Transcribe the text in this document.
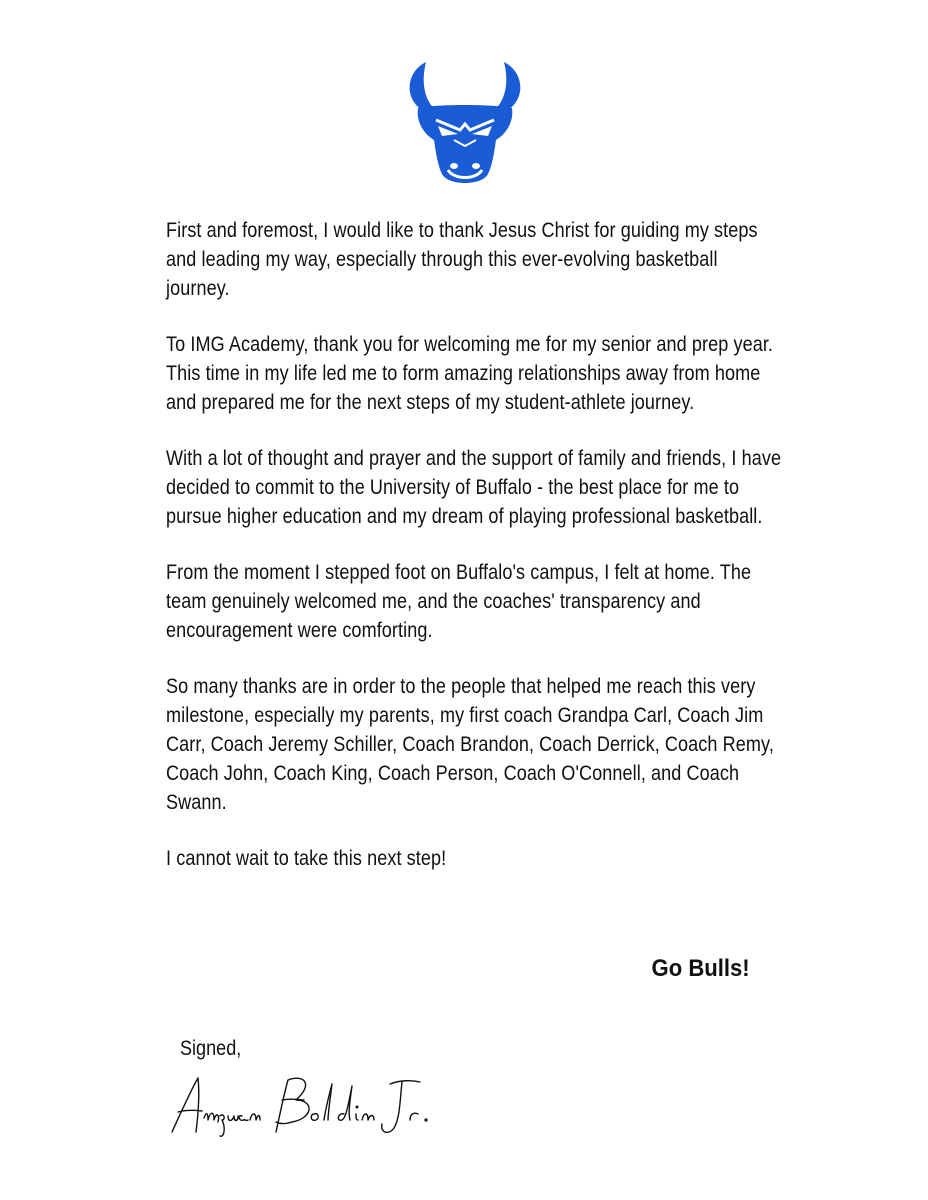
First and foremost, I would like to thank Jesus Christ for guiding my steps and leading my way, especially through this ever-evolving basketball journey.

To IMG Academy, thank you for welcoming me for my senior and prep year. This time in my life led me to form amazing relationships away from home and prepared me for the next steps of my student-athlete journey.

With a lot of thought and prayer and the support of family and friends, I have decided to commit to the University of Buffalo - the best place for me to pursue higher education and my dream of playing professional basketball.

From the moment I stepped foot on Buffalo's campus, I felt at home. The team genuinely welcomed me, and the coaches' transparency and encouragement were comforting.

So many thanks are in order to the people that helped me reach this very milestone, especially my parents, my first coach Grandpa Carl, Coach Jim Carr, Coach Jeremy Schiller, Coach Brandon, Coach Derrick, Coach Remy, Coach John, Coach King, Coach Person, Coach O'Connell, and Coach Swann.

I cannot wait to take this next step!

Go Bulls!
Signed,
